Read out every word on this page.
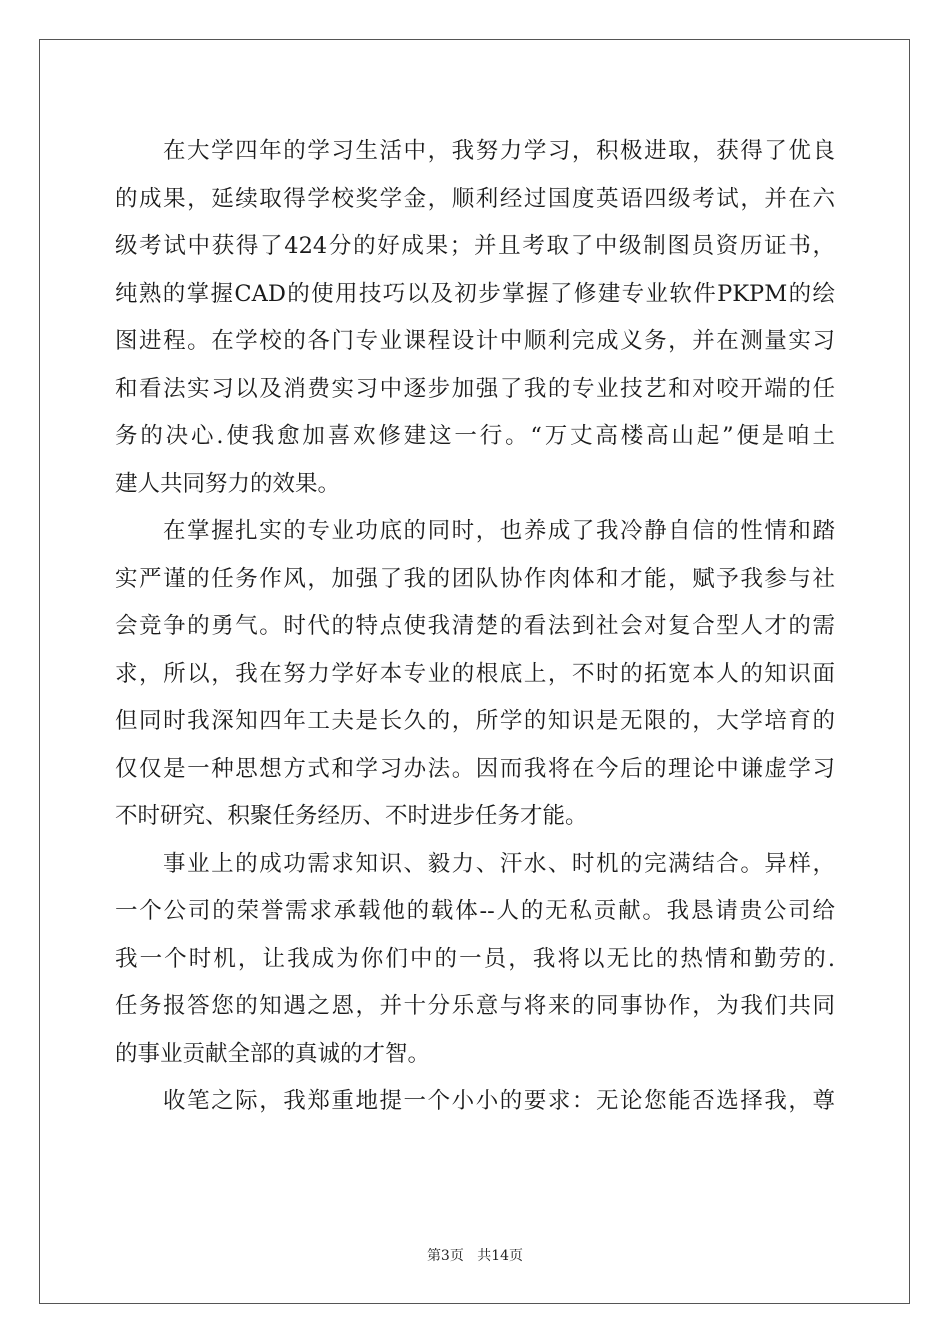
在大学四年的学习生活中，我努力学习，积极进取，获得了优良
的成果，延续取得学校奖学金，顺利经过国度英语四级考试，并在六
级考试中获得了424分的好成果；并且考取了中级制图员资历证书，
纯熟的掌握CAD的使用技巧以及初步掌握了修建专业软件PKPM的绘
图进程。在学校的各门专业课程设计中顺利完成义务，并在测量实习
和看法实习以及消费实习中逐步加强了我的专业技艺和对咬开端的任
务的决心.使我愈加喜欢修建这一行。“万丈高楼高山起”便是咱土
建人共同努力的效果。
在掌握扎实的专业功底的同时，也养成了我冷静自信的性情和踏
实严谨的任务作风，加强了我的团队协作肉体和才能，赋予我参与社
会竞争的勇气。时代的特点使我清楚的看法到社会对复合型人才的需
求，所以，我在努力学好本专业的根底上，不时的拓宽本人的知识面
但同时我深知四年工夫是长久的，所学的知识是无限的，大学培育的
仅仅是一种思想方式和学习办法。因而我将在今后的理论中谦虚学习
不时研究、积聚任务经历、不时进步任务才能。
事业上的成功需求知识、毅力、汗水、时机的完满结合。异样，
一个公司的荣誉需求承载他的载体--人的无私贡献。我恳请贵公司给
我一个时机，让我成为你们中的一员，我将以无比的热情和勤劳的.
任务报答您的知遇之恩，并十分乐意与将来的同事协作，为我们共同
的事业贡献全部的真诚的才智。
收笔之际，我郑重地提一个小小的要求：无论您能否选择我，尊
第3页 共14页
